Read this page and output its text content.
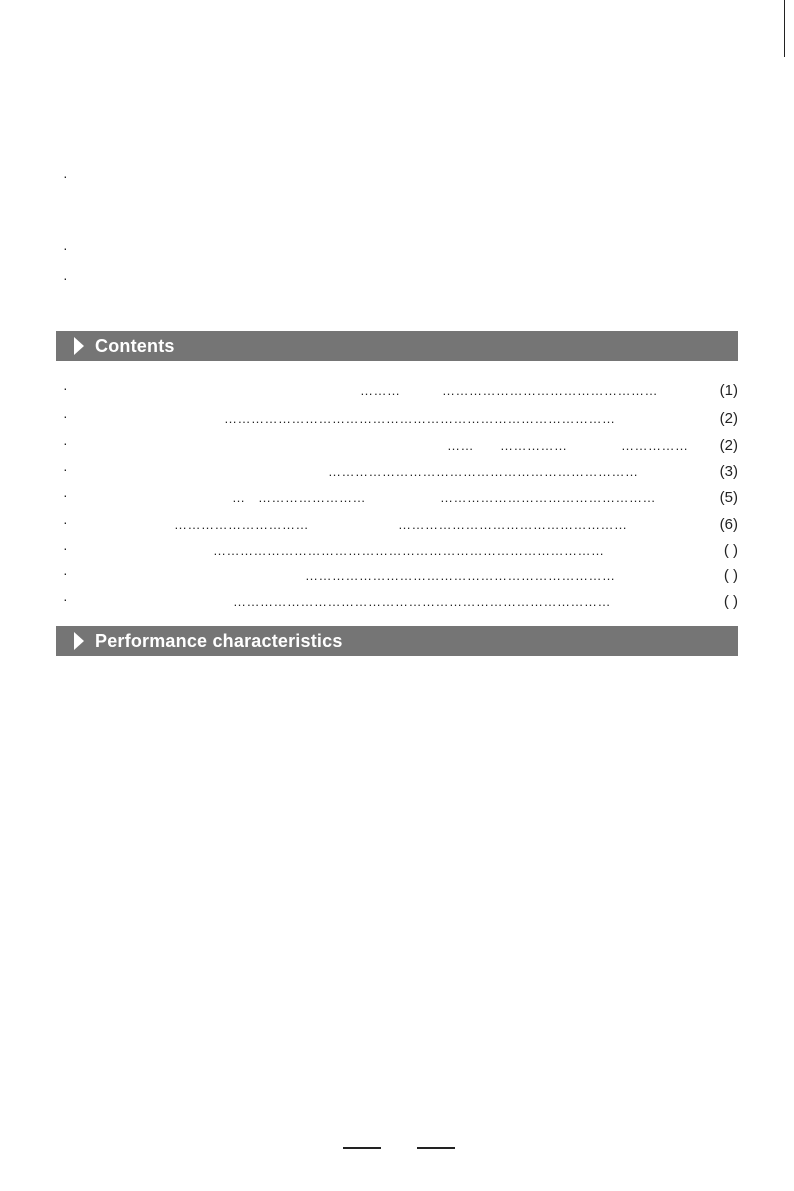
·
·
·
Contents
·	………	…………………………………………	(1)
·	……………………………………………………………………………	(2)
·	……	……………	……………	(2)
·	……………………………………………………………	(3)
·	… ……………………	…………………………………………	(5)
·	…………………………	……………………………………………	(6)
·	……………………………………………………………………………	( )
·	……………………………………………………………	( )
·	…………………………………………………………………………	( )
Performance characteristics
